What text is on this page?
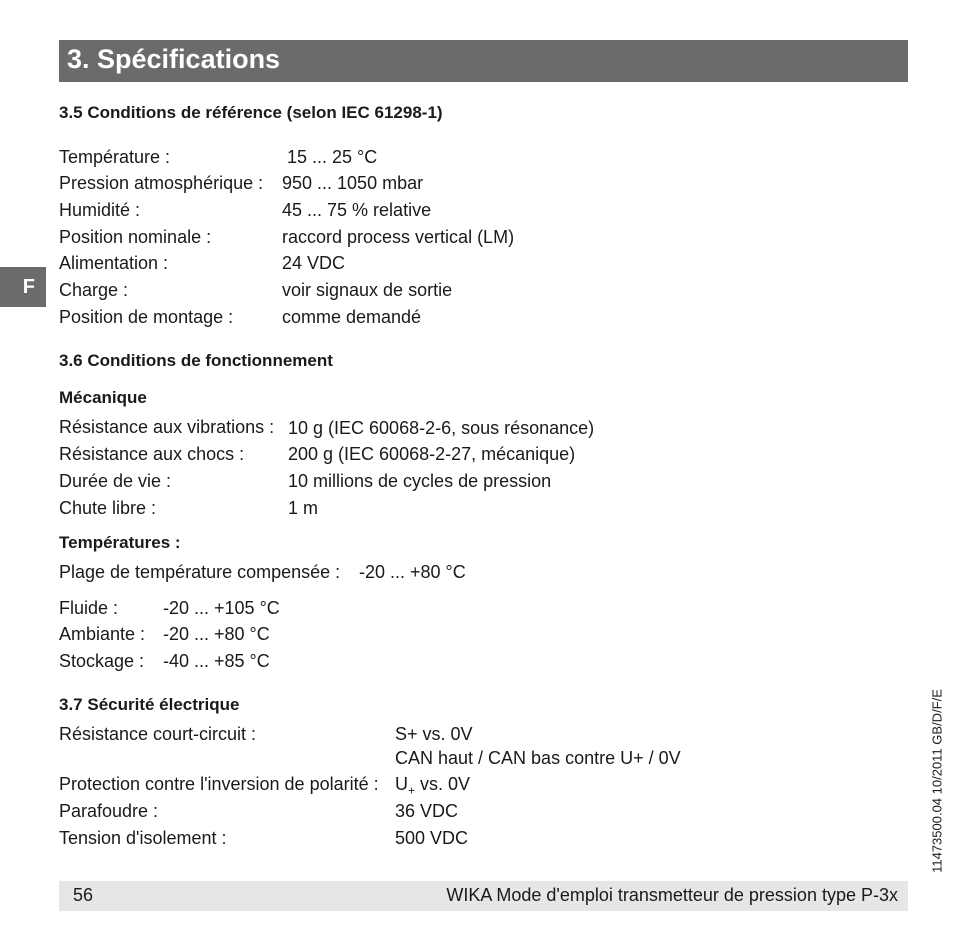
3. Spécifications
F
3.5 Conditions de référence (selon IEC 61298-1)
Température :	15 ... 25 °C
Pression atmosphérique : 950 ... 1050 mbar
Humidité :	45 ... 75 % relative
Position nominale :	raccord process vertical (LM)
Alimentation :	24 VDC
Charge :	voir signaux de sortie
Position de montage :	comme demandé
3.6 Conditions de fonctionnement
Mécanique
Résistance aux vibrations : 10 g (IEC 60068-2-6, sous résonance)
Résistance aux chocs : 200 g (IEC 60068-2-27, mécanique)
Durée de vie :	10 millions de cycles de pression
Chute libre :	1 m
Températures :
Plage de température compensée : -20 ... +80 °C
Fluide : -20 ... +105 °C
Ambiante : -20 ... +80 °C
Stockage : -40 ... +85 °C
3.7 Sécurité électrique
Résistance court-circuit :	S+ vs. 0V
CAN haut / CAN bas contre U+ / 0V
Protection contre l'inversion de polarité : $U_+$ vs. 0V
Parafoudre :	36 VDC
Tension d'isolement :	500 VDC
56	WIKA Mode d'emploi transmetteur de pression type P-3x
11473500.04 10/2011 GB/D/F/E
